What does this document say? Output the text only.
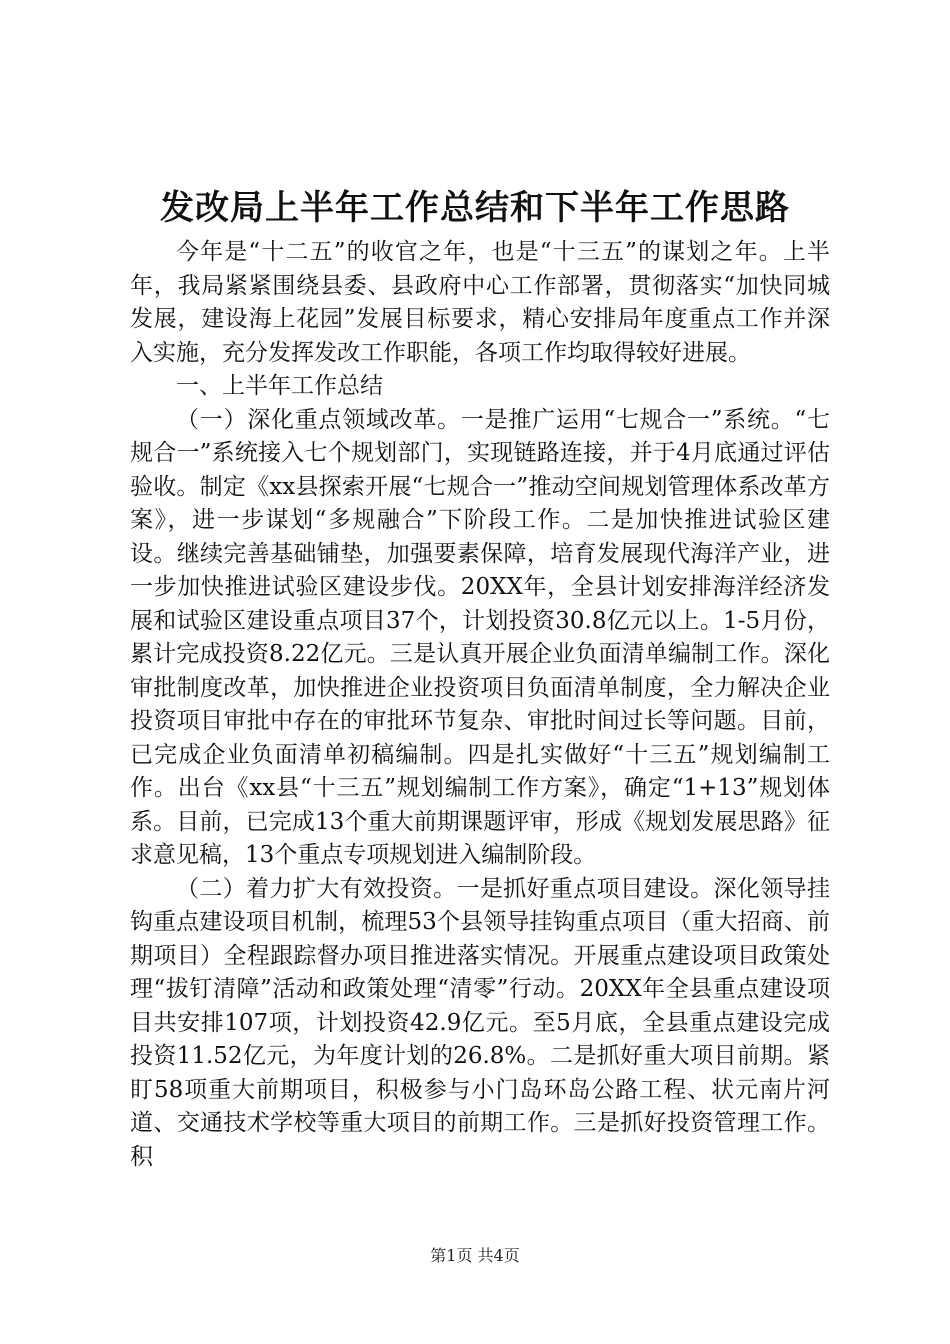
发改局上半年工作总结和下半年工作思路

今年是“十二五”的收官之年，也是“十三五”的谋划之年。上半年，我局紧紧围绕县委、县政府中心工作部署，贯彻落实“加快同城发展，建设海上花园”发展目标要求，精心安排局年度重点工作并深入实施，充分发挥发改工作职能，各项工作均取得较好进展。

一、上半年工作总结

（一）深化重点领域改革。一是推广运用“七规合一”系统。“七规合一”系统接入七个规划部门，实现链路连接，并于4月底通过评估验收。制定《xx县探索开展“七规合一”推动空间规划管理体系改革方案》，进一步谋划“多规融合”下阶段工作。二是加快推进试验区建设。继续完善基础铺垫，加强要素保障，培育发展现代海洋产业，进一步加快推进试验区建设步伐。20XX年，全县计划安排海洋经济发展和试验区建设重点项目37个，计划投资30.8亿元以上。1-5月份，累计完成投资8.22亿元。三是认真开展企业负面清单编制工作。深化审批制度改革，加快推进企业投资项目负面清单制度，全力解决企业投资项目审批中存在的审批环节复杂、审批时间过长等问题。目前，已完成企业负面清单初稿编制。四是扎实做好“十三五”规划编制工作。出台《xx县“十三五”规划编制工作方案》，确定“1+13”规划体系。目前，已完成13个重大前期课题评审，形成《规划发展思路》征求意见稿，13个重点专项规划进入编制阶段。

（二）着力扩大有效投资。一是抓好重点项目建设。深化领导挂钩重点建设项目机制，梳理53个县领导挂钩重点项目（重大招商、前期项目）全程跟踪督办项目推进落实情况。开展重点建设项目政策处理“拔钉清障”活动和政策处理“清零”行动。20XX年全县重点建设项目共安排107项，计划投资42.9亿元。至5月底，全县重点建设完成投资11.52亿元，为年度计划的26.8%。二是抓好重大项目前期。紧盯58项重大前期项目，积极参与小门岛环岛公路工程、状元南片河道、交通技术学校等重大项目的前期工作。三是抓好投资管理工作。积

第1页 共4页
